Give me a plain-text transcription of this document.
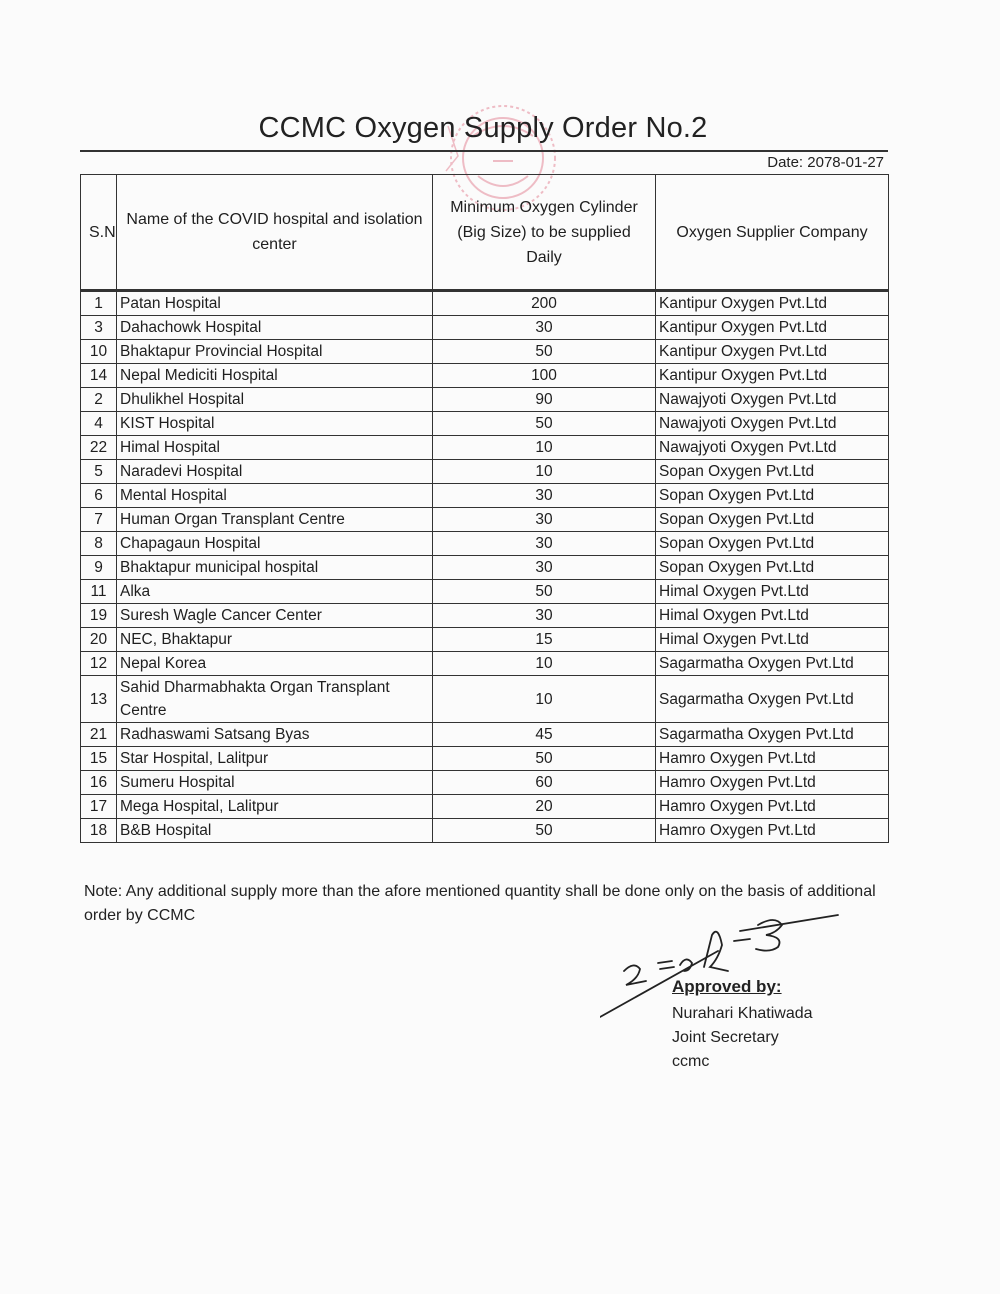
CCMC Oxygen Supply Order No.2
Date: 2078-01-27
S.N	Name of the COVID hospital and isolation center	Minimum Oxygen Cylinder (Big Size) to be supplied Daily	Oxygen Supplier Company
1	Patan Hospital	200	Kantipur Oxygen Pvt.Ltd
3	Dahachowk Hospital	30	Kantipur Oxygen Pvt.Ltd
10	Bhaktapur Provincial Hospital	50	Kantipur Oxygen Pvt.Ltd
14	Nepal Mediciti Hospital	100	Kantipur Oxygen Pvt.Ltd
2	Dhulikhel Hospital	90	Nawajyoti Oxygen Pvt.Ltd
4	KIST Hospital	50	Nawajyoti Oxygen Pvt.Ltd
22	Himal Hospital	10	Nawajyoti Oxygen Pvt.Ltd
5	Naradevi Hospital	10	Sopan Oxygen Pvt.Ltd
6	Mental Hospital	30	Sopan Oxygen Pvt.Ltd
7	Human Organ Transplant Centre	30	Sopan Oxygen Pvt.Ltd
8	Chapagaun Hospital	30	Sopan Oxygen Pvt.Ltd
9	Bhaktapur municipal hospital	30	Sopan Oxygen Pvt.Ltd
11	Alka	50	Himal Oxygen Pvt.Ltd
19	Suresh Wagle Cancer Center	30	Himal Oxygen Pvt.Ltd
20	NEC, Bhaktapur	15	Himal Oxygen Pvt.Ltd
12	Nepal Korea	10	Sagarmatha Oxygen Pvt.Ltd
13	Sahid Dharmabhakta Organ Transplant Centre	10	Sagarmatha Oxygen Pvt.Ltd
21	Radhaswami Satsang Byas	45	Sagarmatha Oxygen Pvt.Ltd
15	Star Hospital, Lalitpur	50	Hamro Oxygen Pvt.Ltd
16	Sumeru Hospital	60	Hamro Oxygen Pvt.Ltd
17	Mega Hospital, Lalitpur	20	Hamro Oxygen Pvt.Ltd
18	B&B Hospital	50	Hamro Oxygen Pvt.Ltd
Note: Any additional supply more than the afore mentioned quantity shall be done only on the basis of additional order by CCMC
Approved by:
Nurahari Khatiwada
Joint Secretary
ccmc
